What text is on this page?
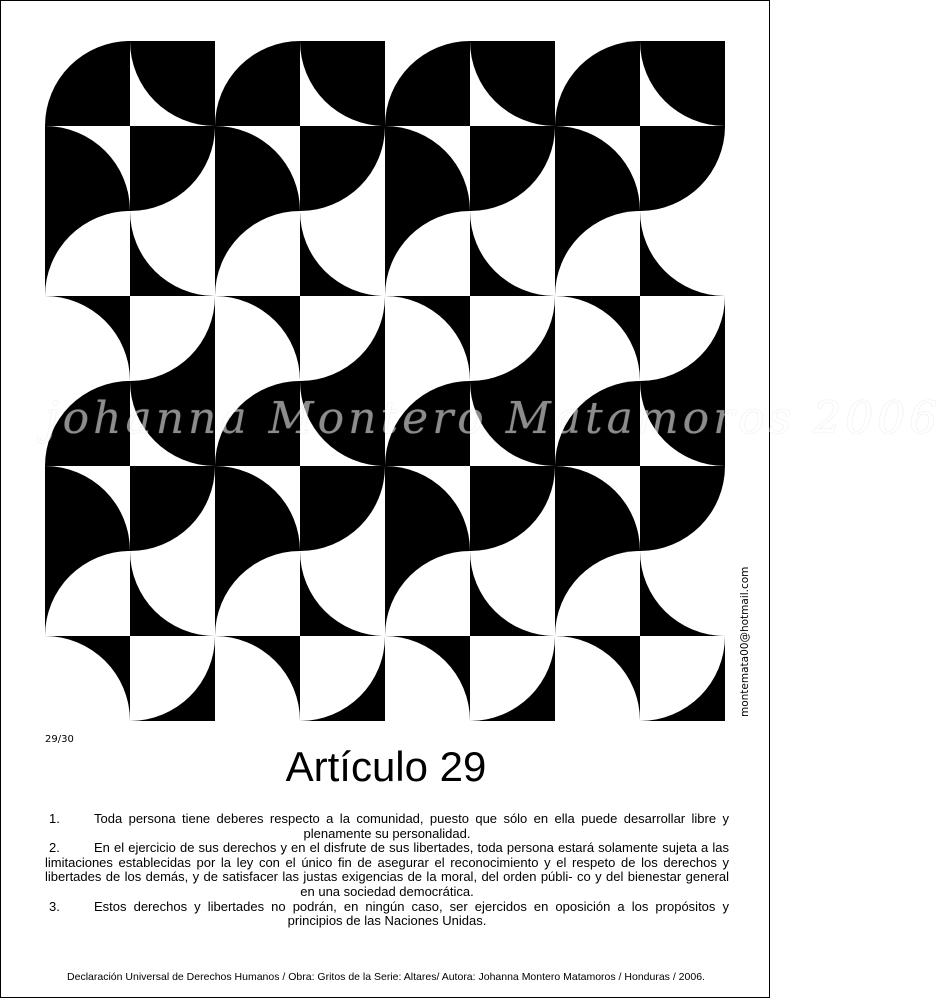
johanna Montero Matamoros 2006
montemata00@hotmail.com
29/30
Artículo 29
1.	Toda persona tiene deberes respecto a la comunidad, puesto que sólo en ella puede desarrollar libre y plenamente su personalidad.
2.	En el ejercicio de sus derechos y en el disfrute de sus libertades, toda persona estará solamente sujeta a las limitaciones establecidas por la ley con el único fin de asegurar el reconocimiento y el respeto de los derechos y libertades de los demás, y de satisfacer las justas exigencias de la moral, del orden públi- co y del bienestar general en una sociedad democrática.
3.	Estos derechos y libertades no podrán, en ningún caso, ser ejercidos en oposición a los propósitos y principios de las Naciones Unidas.
Declaración Universal de Derechos Humanos / Obra: Gritos de la Serie: Altares/ Autora: Johanna Montero Matamoros / Honduras / 2006.
